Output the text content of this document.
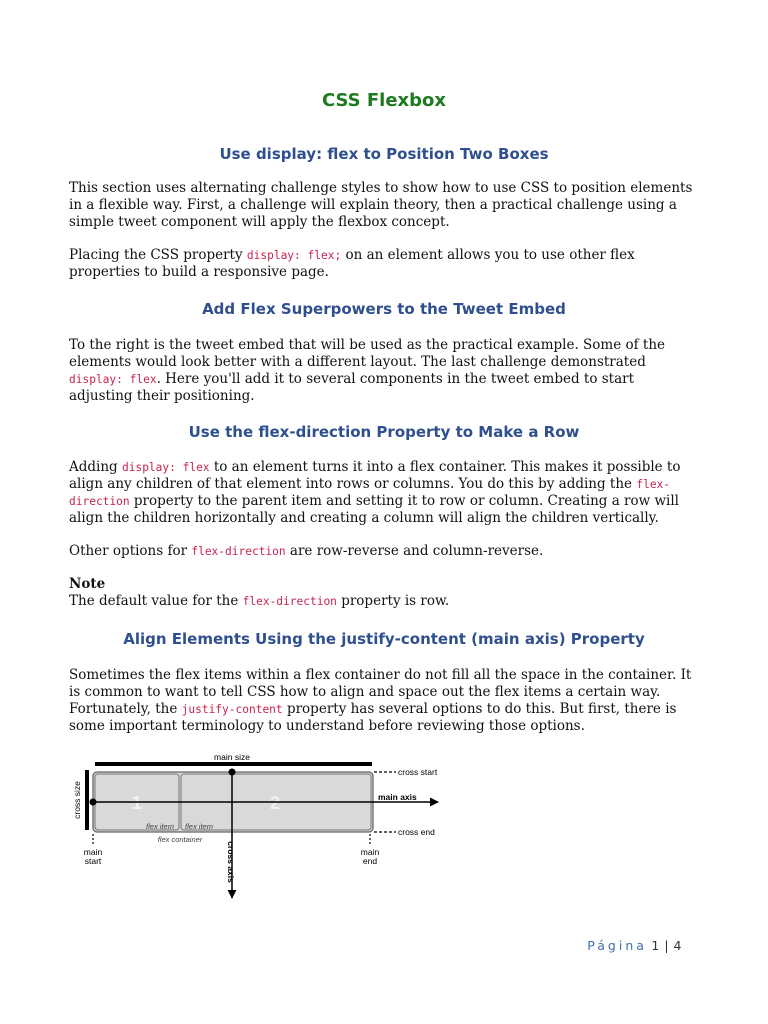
CSS Flexbox
Use display: flex to Position Two Boxes

This section uses alternating challenge styles to show how to use CSS to position elements in a flexible way. First, a challenge will explain theory, then a practical challenge using a simple tweet component will apply the flexbox concept.

Placing the CSS property display: flex; on an element allows you to use other flex properties to build a responsive page.

Add Flex Superpowers to the Tweet Embed

To the right is the tweet embed that will be used as the practical example. Some of the elements would look better with a different layout. The last challenge demonstrated display: flex. Here you'll add it to several components in the tweet embed to start adjusting their positioning.

Use the flex-direction Property to Make a Row

Adding display: flex to an element turns it into a flex container. This makes it possible to align any children of that element into rows or columns. You do this by adding the flex-direction property to the parent item and setting it to row or column. Creating a row will align the children horizontally and creating a column will align the children vertically.

Other options for flex-direction are row-reverse and column-reverse.

Note
The default value for the flex-direction property is row.

Align Elements Using the justify-content (main axis) Property

Sometimes the flex items within a flex container do not fill all the space in the container. It is common to want to tell CSS how to align and space out the flex items a certain way. Fortunately, the justify-content property has several options to do this. But first, there is some important terminology to understand before reviewing those options.

main size
cross size	1	2
flex item flex item
flex container
main axis
cross axis
cross start
cross end
main
start
main
end
Página 1 | 4
